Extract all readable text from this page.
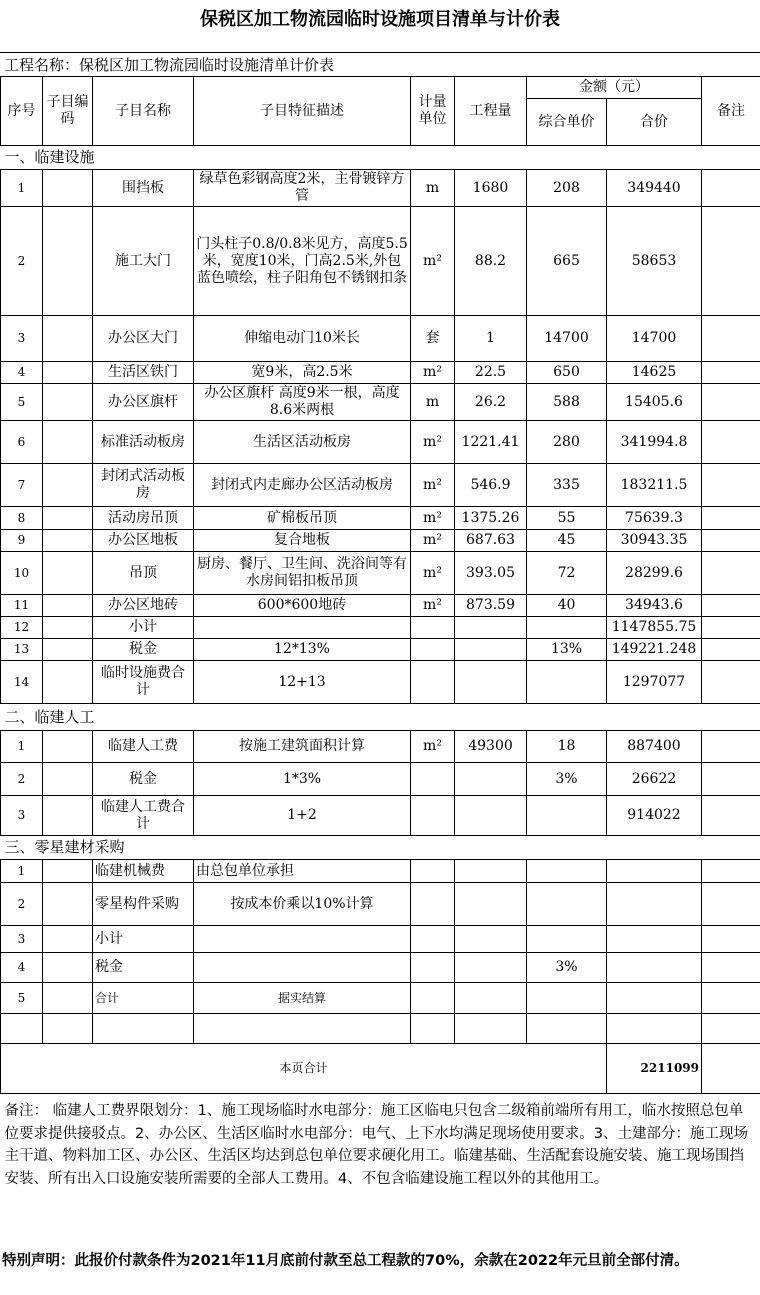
保税区加工物流园临时设施项目清单与计价表
工程名称：保税区加工物流园临时设施清单计价表
序号	子目编码	子目名称	子目特征描述	计量单位	工程量	金额（元）		备注
						综合单价	合价	
一、临建设施								
1		围挡板	绿草色彩钢高度2米，主骨镀锌方管	m	1680	208	349440	
2		施工大门	门头柱子0.8/0.8米见方，高度5.5米，宽度10米，门高2.5米,外包蓝色喷绘，柱子阳角包不锈钢扣条	m²	88.2	665	58653	
3		办公区大门	伸缩电动门10米长	套	1	14700	14700	
4		生活区铁门	宽9米，高2.5米	m²	22.5	650	14625	
5		办公区旗杆	办公区旗杆 高度9米一根，高度8.6米两根	m	26.2	588	15405.6	
6		标准活动板房	生活区活动板房	m²	1221.41	280	341994.8	
7		封闭式活动板房	封闭式内走廊办公区活动板房	m²	546.9	335	183211.5	
8		活动房吊顶	矿棉板吊顶	m²	1375.26	55	75639.3	
9		办公区地板	复合地板	m²	687.63	45	30943.35	
10		吊顶	厨房、餐厅、卫生间、洗浴间等有水房间铝扣板吊顶	m²	393.05	72	28299.6	
11		办公区地砖	600*600地砖	m²	873.59	40	34943.6	
12		小计					1147855.75	
13		税金	12*13%			13%	149221.248	
14		临时设施费合计	12+13				1297077	
二、临建人工								
1		临建人工费	按施工建筑面积计算	m²	49300	18	887400	
2		税金	1*3%			3%	26622	
3		临建人工费合计	1+2				914022	
三、零星建材采购								
1		临建机械费	由总包单位承担					
2		零星构件采购	按成本价乘以10%计算					
3		小计						
4		税金				3%		
5		合计	据实结算					

本页合计							2211099	
备注： 临建人工费界限划分：1、施工现场临时水电部分：施工区临电只包含二级箱前端所有用工，临水按照总包单位要求提供接驳点。2、办公区、生活区临时水电部分：电气、上下水均满足现场使用要求。3、土建部分：施工现场主干道、物料加工区、办公区、生活区均达到总包单位要求硬化用工。临建基础、生活配套设施安装、施工现场围挡安装、所有出入口设施安装所需要的全部人工费用。4、不包含临建设施工程以外的其他用工。								
特别声明：此报价付款条件为2021年11月底前付款至总工程款的70%，余款在2022年元旦前全部付清。
